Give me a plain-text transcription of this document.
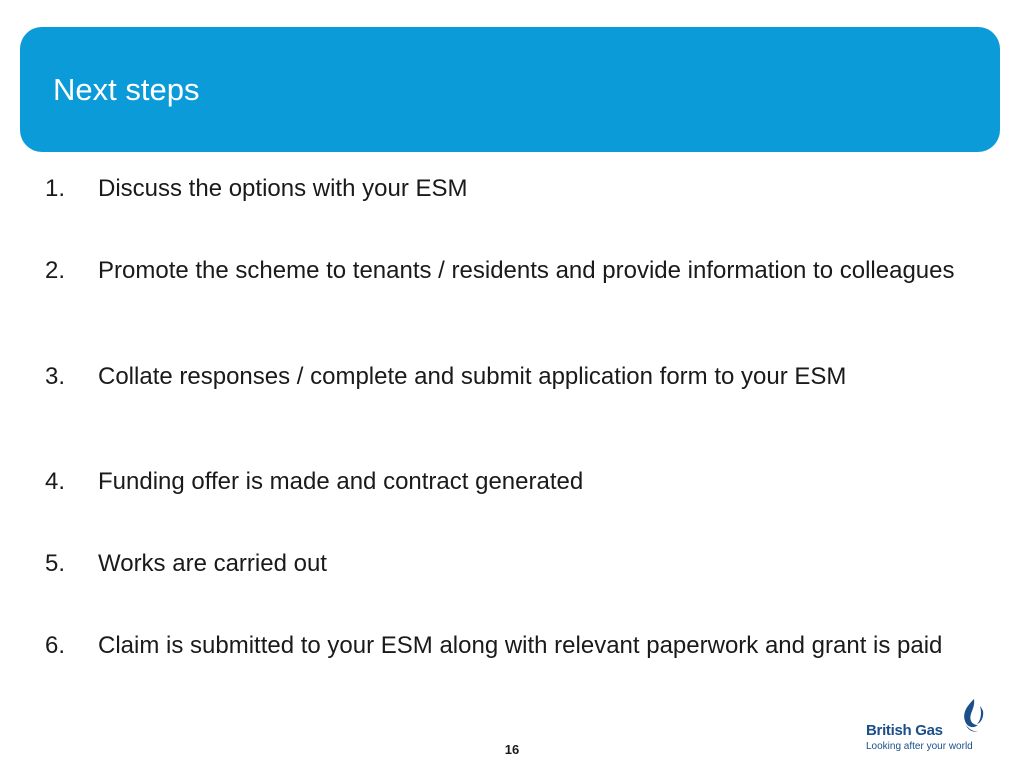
Next steps
1. Discuss the options with your ESM
2. Promote the scheme to tenants / residents and provide information to colleagues
3. Collate responses / complete and submit application form to your ESM
4. Funding offer is made and contract generated
5. Works are carried out
6. Claim is submitted to your ESM along with relevant paperwork and grant is paid
16
British Gas
Looking after your world
